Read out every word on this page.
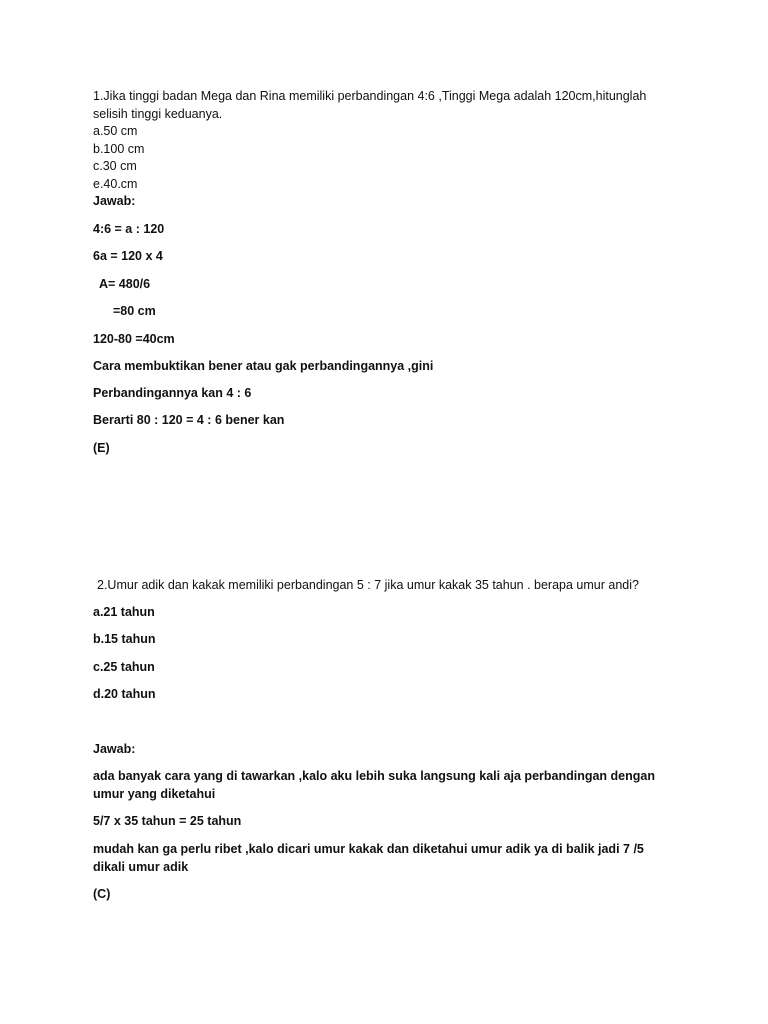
1.Jika tinggi badan Mega dan Rina memiliki perbandingan 4:6 ,Tinggi Mega adalah 120cm,hitunglah
selisih tinggi keduanya.
a.50 cm
b.100 cm
c.30 cm
e.40.cm
Jawab:
4:6 = a : 120
6a = 120 x 4
A= 480/6
=80 cm
120-80 =40cm
Cara membuktikan bener atau gak perbandingannya ,gini
Perbandingannya kan 4 : 6
Berarti 80 : 120 = 4 : 6 bener kan
(E)
2.Umur adik dan kakak memiliki perbandingan 5 : 7 jika umur kakak 35 tahun . berapa umur andi?
a.21 tahun
b.15 tahun
c.25 tahun
d.20 tahun
Jawab:
ada banyak cara yang di tawarkan ,kalo aku lebih suka langsung kali aja perbandingan dengan
umur yang diketahui
5/7 x 35 tahun = 25 tahun
mudah kan ga perlu ribet ,kalo dicari umur kakak dan diketahui umur adik ya di balik jadi 7 /5
dikali umur adik
(C)
